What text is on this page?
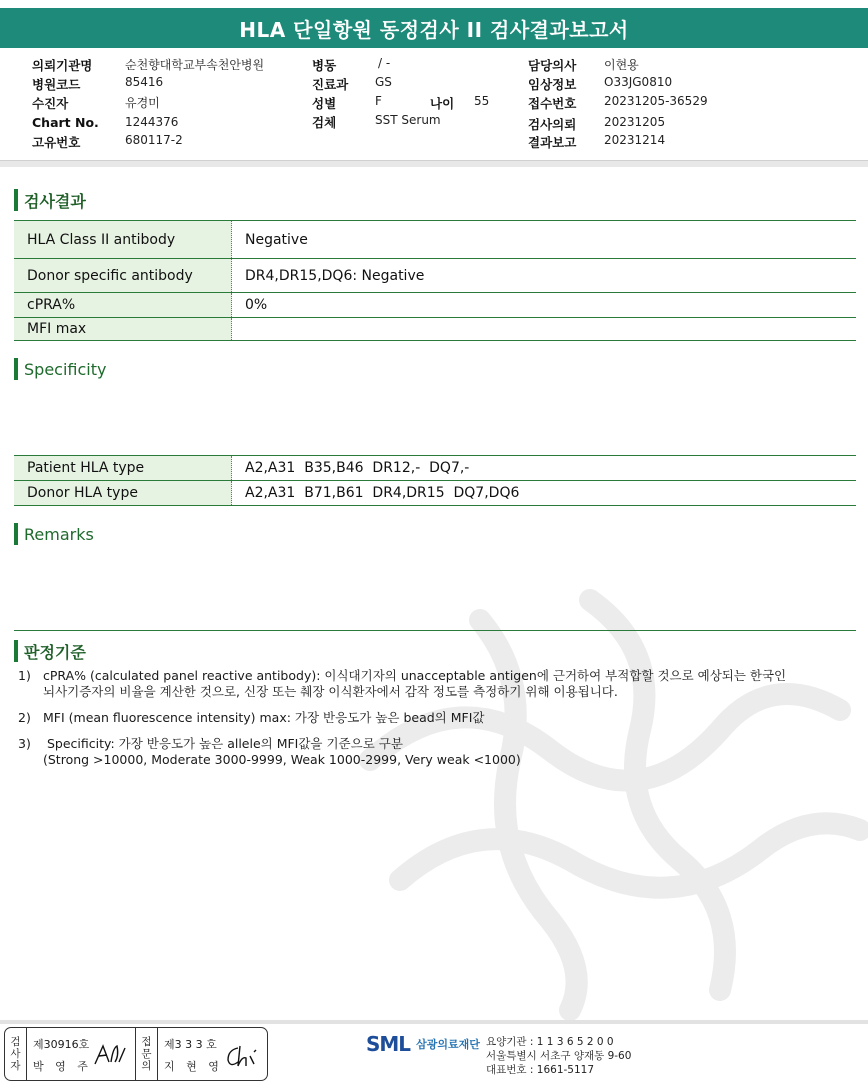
HLA 단일항원 동정검사 II 검사결과보고서
의뢰기관명	순천향대학교부속천안병원
병원코드	85416
수진자	유경미
Chart No. 1244376
고유번호	680117-2
병동	/ -
진료과 GS
성별	F	나이 55
검체	SST Serum
담당의사 이현용
임상정보 O33JG0810
접수번호 20231205-36529
검사의뢰 20231205
결과보고 20231214
검사결과
HLA Class II antibody	Negative
Donor specific antibody	DR4,DR15,DQ6: Negative
cPRA%	0%
MFI max
Specificity
Patient HLA type	A2,A31  B35,B46  DR12,-  DQ7,-
Donor HLA type	A2,A31  B71,B61  DR4,DR15  DQ7,DQ6
Remarks
판정기준
1) cPRA% (calculated panel reactive antibody): 이식대기자의 unacceptable antigen에 근거하여 부적합할 것으로 예상되는 한국인
뇌사기증자의 비율을 계산한 것으로, 신장 또는 췌장 이식환자에서 감작 정도를 측정하기 위해 이용됩니다.
2) MFI (mean fluorescence intensity) max: 가장 반응도가 높은 bead의 MFI값
3) Specificity: 가장 반응도가 높은 allele의 MFI값을 기준으로 구분
(Strong >10000, Moderate 3000-9999, Weak 1000-2999, Very weak <1000)
검
사
자
제30916호
박 영 주
접
문
의
제3 3 3 호
지 현 영
SML 삼광의료재단 요양기관 : 1 1 3 6 5 2 0 0
서울특별시 서초구 양재동 9-60
대표번호 : 1661-5117
